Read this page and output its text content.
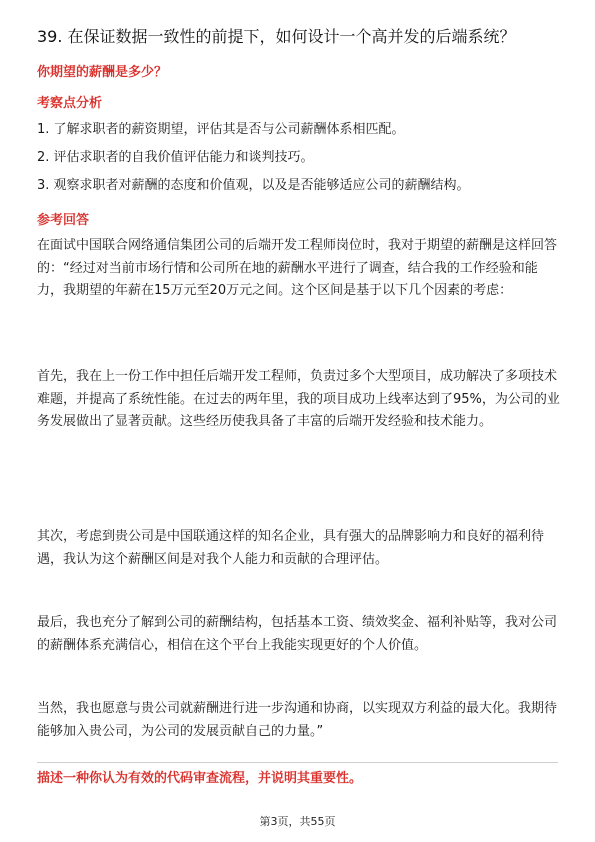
39. 在保证数据一致性的前提下，如何设计一个高并发的后端系统？
你期望的薪酬是多少？
考察点分析
1. 了解求职者的薪资期望，评估其是否与公司薪酬体系相匹配。
2. 评估求职者的自我价值评估能力和谈判技巧。
3. 观察求职者对薪酬的态度和价值观，以及是否能够适应公司的薪酬结构。
参考回答
在面试中国联合网络通信集团公司的后端开发工程师岗位时，我对于期望的薪酬是这样回答的：“经过对当前市场行情和公司所在地的薪酬水平进行了调查，结合我的工作经验和能力，我期望的年薪在15万元至20万元之间。这个区间是基于以下几个因素的考虑：
首先，我在上一份工作中担任后端开发工程师，负责过多个大型项目，成功解决了多项技术难题，并提高了系统性能。在过去的两年里，我的项目成功上线率达到了95%，为公司的业务发展做出了显著贡献。这些经历使我具备了丰富的后端开发经验和技术能力。
其次，考虑到贵公司是中国联通这样的知名企业，具有强大的品牌影响力和良好的福利待遇，我认为这个薪酬区间是对我个人能力和贡献的合理评估。
最后，我也充分了解到公司的薪酬结构，包括基本工资、绩效奖金、福利补贴等，我对公司的薪酬体系充满信心，相信在这个平台上我能实现更好的个人价值。
当然，我也愿意与贵公司就薪酬进行进一步沟通和协商，以实现双方利益的最大化。我期待能够加入贵公司，为公司的发展贡献自己的力量。”
描述一种你认为有效的代码审查流程，并说明其重要性。
第3页，共55页
